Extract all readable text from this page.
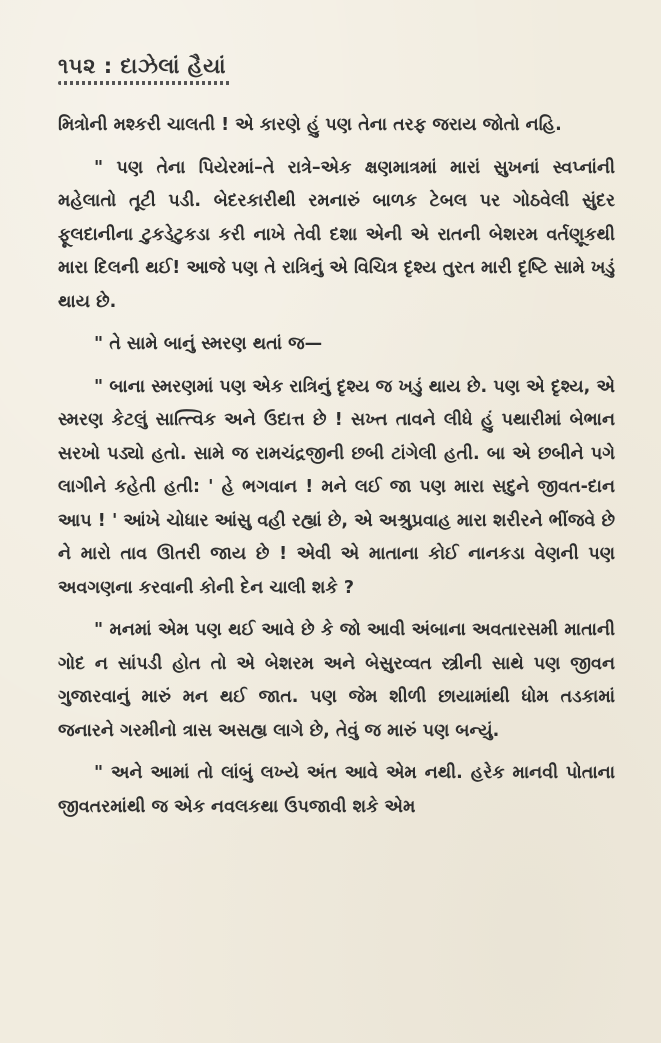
૧૫૨ : દાઝેલાં હૈયાં

મિત્રોની મશ્કરી ચાલતી ! એ કારણે હું પણ તેના તરફ જરાય જોતો નહિ.

" પણ તેના પિયેરમાં–તે રાત્રે–એક ક્ષણમાત્રમાં મારાં સુખનાં સ્વપ્નાંની મહેલાતો તૂટી પડી. બેદરકારીથી રમનારું બાળક ટેબલ પર ગોઠવેલી સુંદર ફૂલદાનીના ટુકડેટુકડા કરી નાખે તેવી દશા એની એ રાતની બેશરમ વર્તણૂકથી મારા દિલની થઈ! આજે પણ તે રાત્રિનું એ વિચિત્ર દૃશ્ય તુરત મારી દૃષ્ટિ સામે ખડું થાય છે.

" તે સામે બાનું સ્મરણ થતાં જ—

" બાના સ્મરણમાં પણ એક રાત્રિનું દૃશ્ય જ ખડું થાય છે. પણ એ દૃશ્ય, એ સ્મરણ કેટલું સાત્ત્વિક અને ઉદાત્ત છે ! સખ્ત તાવને લીધે હું પથારીમાં બેભાન સરખો પડ્યો હતો. સામે જ રામચંદ્રજીની છબી ટાંગેલી હતી. બા એ છબીને પગે લાગીને કહેતી હતી: ' હે ભગવાન ! મને લઈ જા પણ મારા સદુને જીવત-દાન આપ ! ' આંખે ચોધાર આંસુ વહી રહ્યાં છે, એ અશ્રુપ્રવાહ મારા શરીરને ભીંજવે છે ને મારો તાવ ઊતરી જાય છે ! એવી એ માતાના કોઈ નાનકડા વેણની પણ અવગણના કરવાની કોની દેન ચાલી શકે ?

" મનમાં એમ પણ થઈ આવે છે કે જો આવી અંબાના અવતારસમી માતાની ગોદ ન સાંપડી હોત તો એ બેશરમ અને બેસુરવ્વત સ્ત્રીની સાથે પણ જીવન ગુજારવાનું મારું મન થઈ જાત. પણ જેમ શીળી છાયામાંથી ધોમ તડકામાં જનારને ગરમીનો ત્રાસ અસહ્ય લાગે છે, તેવું જ મારું પણ બન્યું.

" અને આમાં તો લાંબું લખ્યે અંત આવે એમ નથી. હરેક માનવી પોતાના જીવતરમાંથી જ એક નવલકથા ઉપજાવી શકે એમ
